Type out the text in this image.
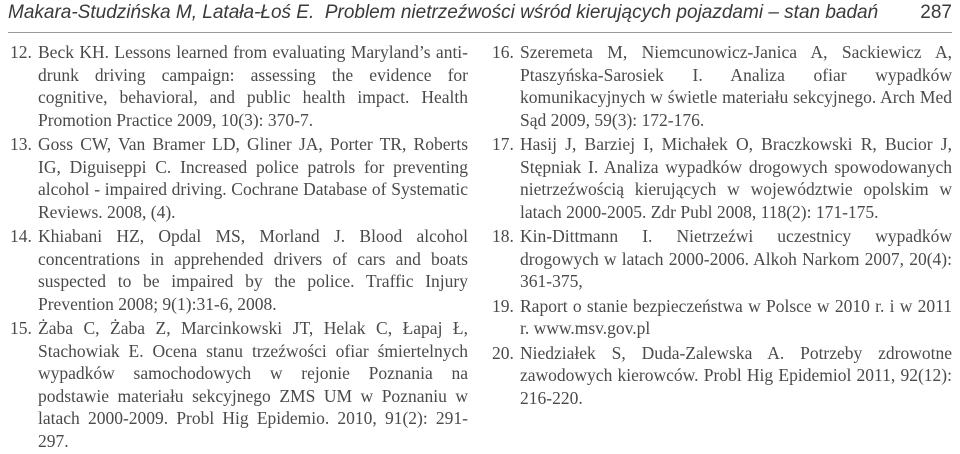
Makara-Studzińska M, Latała-Łoś E. Problem nietrzeźwości wśród kierujących pojazdami – stan badań 287
12. Beck KH. Lessons learned from evaluating Maryland’s anti-drunk driving campaign: assessing the evidence for cognitive, behavioral, and public health impact. Health Promotion Practice 2009, 10(3): 370-7.
13. Goss CW, Van Bramer LD, Gliner JA, Porter TR, Roberts IG, Diguiseppi C. Increased police patrols for preventing alcohol - impaired driving. Cochrane Database of Systematic Reviews. 2008, (4).
14. Khiabani HZ, Opdal MS, Morland J. Blood alcohol concentrations in apprehended drivers of cars and boats suspected to be impaired by the police. Traffic Injury Prevention 2008; 9(1):31-6, 2008.
15. Żaba C, Żaba Z, Marcinkowski JT, Helak C, Łapaj Ł, Stachowiak E. Ocena stanu trzeźwości ofiar śmiertelnych wypadków samochodowych w rejonie Poznania na podstawie materiału sekcyjnego ZMS UM w Poznaniu w latach 2000-2009. Probl Hig Epidemio. 2010, 91(2): 291-297.
16. Szeremeta M, Niemcunowicz-Janica A, Sackiewicz A, Ptaszyńska-Sarosiek I. Analiza ofiar wypadków komunikacyjnych w świetle materiału sekcyjnego. Arch Med Sąd 2009, 59(3): 172-176.
17. Hasij J, Barziej I, Michałek O, Braczkowski R, Bucior J, Stępniak I. Analiza wypadków drogowych spowodowanych nietrzeźwością kierujących w województwie opolskim w latach 2000-2005. Zdr Publ 2008, 118(2): 171-175.
18. Kin-Dittmann I. Nietrzeźwi uczestnicy wypadków drogowych w latach 2000-2006. Alkoh Narkom 2007, 20(4): 361-375,
19. Raport o stanie bezpieczeństwa w Polsce w 2010 r. i w 2011 r. www.msv.gov.pl
20. Niedziałek S, Duda-Zalewska A. Potrzeby zdrowotne zawodowych kierowców. Probl Hig Epidemiol 2011, 92(12): 216-220.
